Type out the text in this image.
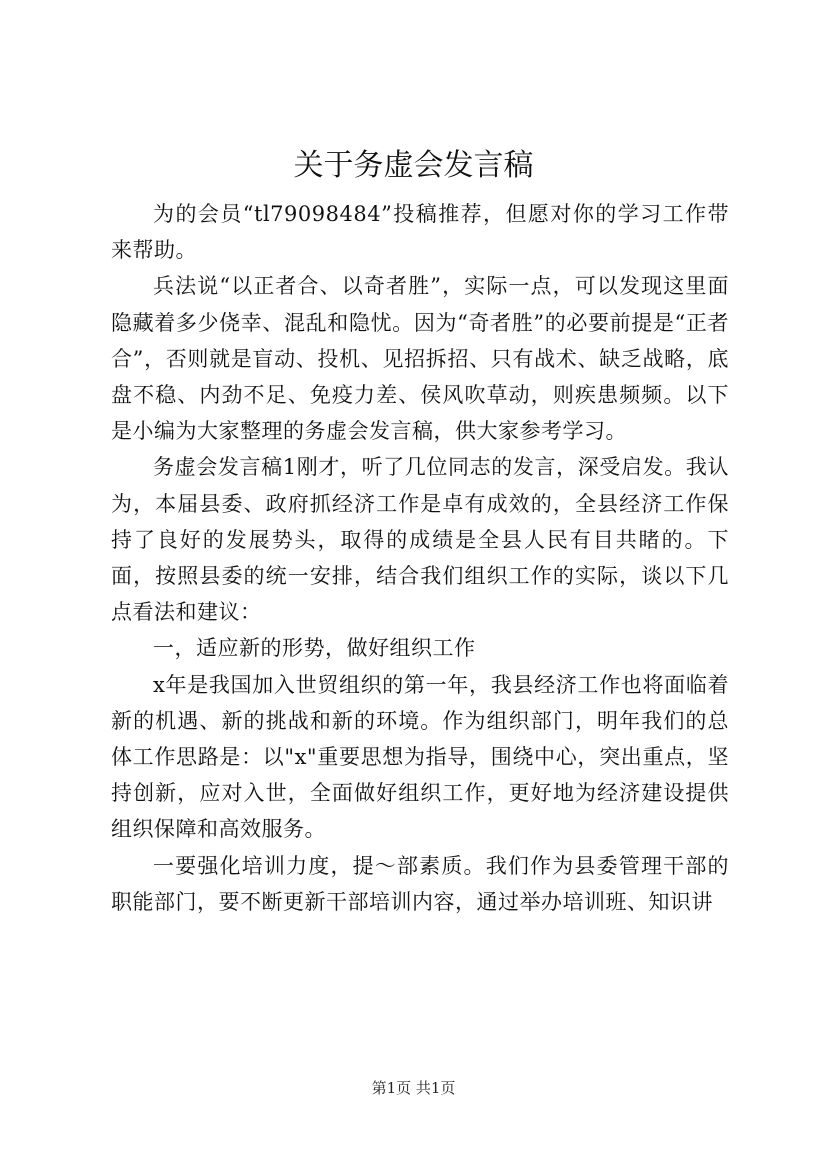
关于务虚会发言稿

为的会员“tl79098484”投稿推荐，但愿对你的学习工作带来帮助。

兵法说“以正者合、以奇者胜”，实际一点，可以发现这里面隐藏着多少侥幸、混乱和隐忧。因为“奇者胜”的必要前提是“正者合”，否则就是盲动、投机、见招拆招、只有战术、缺乏战略，底盘不稳、内劲不足、免疫力差、侯风吹草动，则疾患频频。以下是小编为大家整理的务虚会发言稿，供大家参考学习。

务虚会发言稿1刚才，听了几位同志的发言，深受启发。我认为，本届县委、政府抓经济工作是卓有成效的，全县经济工作保持了良好的发展势头，取得的成绩是全县人民有目共睹的。下面，按照县委的统一安排，结合我们组织工作的实际，谈以下几点看法和建议：

一，适应新的形势，做好组织工作

x年是我国加入世贸组织的第一年，我县经济工作也将面临着新的机遇、新的挑战和新的环境。作为组织部门，明年我们的总体工作思路是：以"x"重要思想为指导，围绕中心，突出重点，坚持创新，应对入世，全面做好组织工作，更好地为经济建设提供组织保障和高效服务。

一要强化培训力度，提～部素质。我们作为县委管理干部的职能部门，要不断更新干部培训内容，通过举办培训班、知识讲

第1页 共1页
